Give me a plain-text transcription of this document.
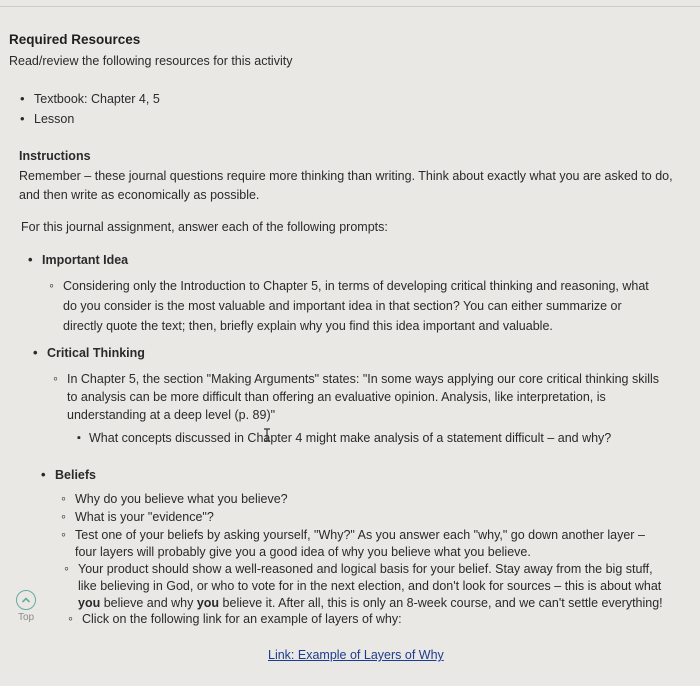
Required Resources
Read/review the following resources for this activity
• Textbook: Chapter 4, 5
• Lesson
Instructions
Remember – these journal questions require more thinking than writing. Think about exactly what you are asked to do,
and then write as economically as possible.
For this journal assignment, answer each of the following prompts:
• Important Idea
◦ Considering only the Introduction to Chapter 5, in terms of developing critical thinking and reasoning, what
do you consider is the most valuable and important idea in that section? You can either summarize or
directly quote the text; then, briefly explain why you find this idea important and valuable.
• Critical Thinking
◦ In Chapter 5, the section "Making Arguments" states: "In some ways applying our core critical thinking skills
to analysis can be more difficult than offering an evaluative opinion. Analysis, like interpretation, is
understanding at a deep level (p. 89)"
▪ What concepts discussed in Chapter 4 might make analysis of a statement difficult – and why?
• Beliefs
◦ Why do you believe what you believe?
◦ What is your "evidence"?
◦ Test one of your beliefs by asking yourself, "Why?" As you answer each "why," go down another layer –
four layers will probably give you a good idea of why you believe what you believe.
◦ Your product should show a well-reasoned and logical basis for your belief. Stay away from the big stuff,
like believing in God, or who to vote for in the next election, and don't look for sources – this is about what
you believe and why you believe it. After all, this is only an 8-week course, and we can't settle everything!
◦ Click on the following link for an example of layers of why:
Top
Link: Example of Layers of Why
